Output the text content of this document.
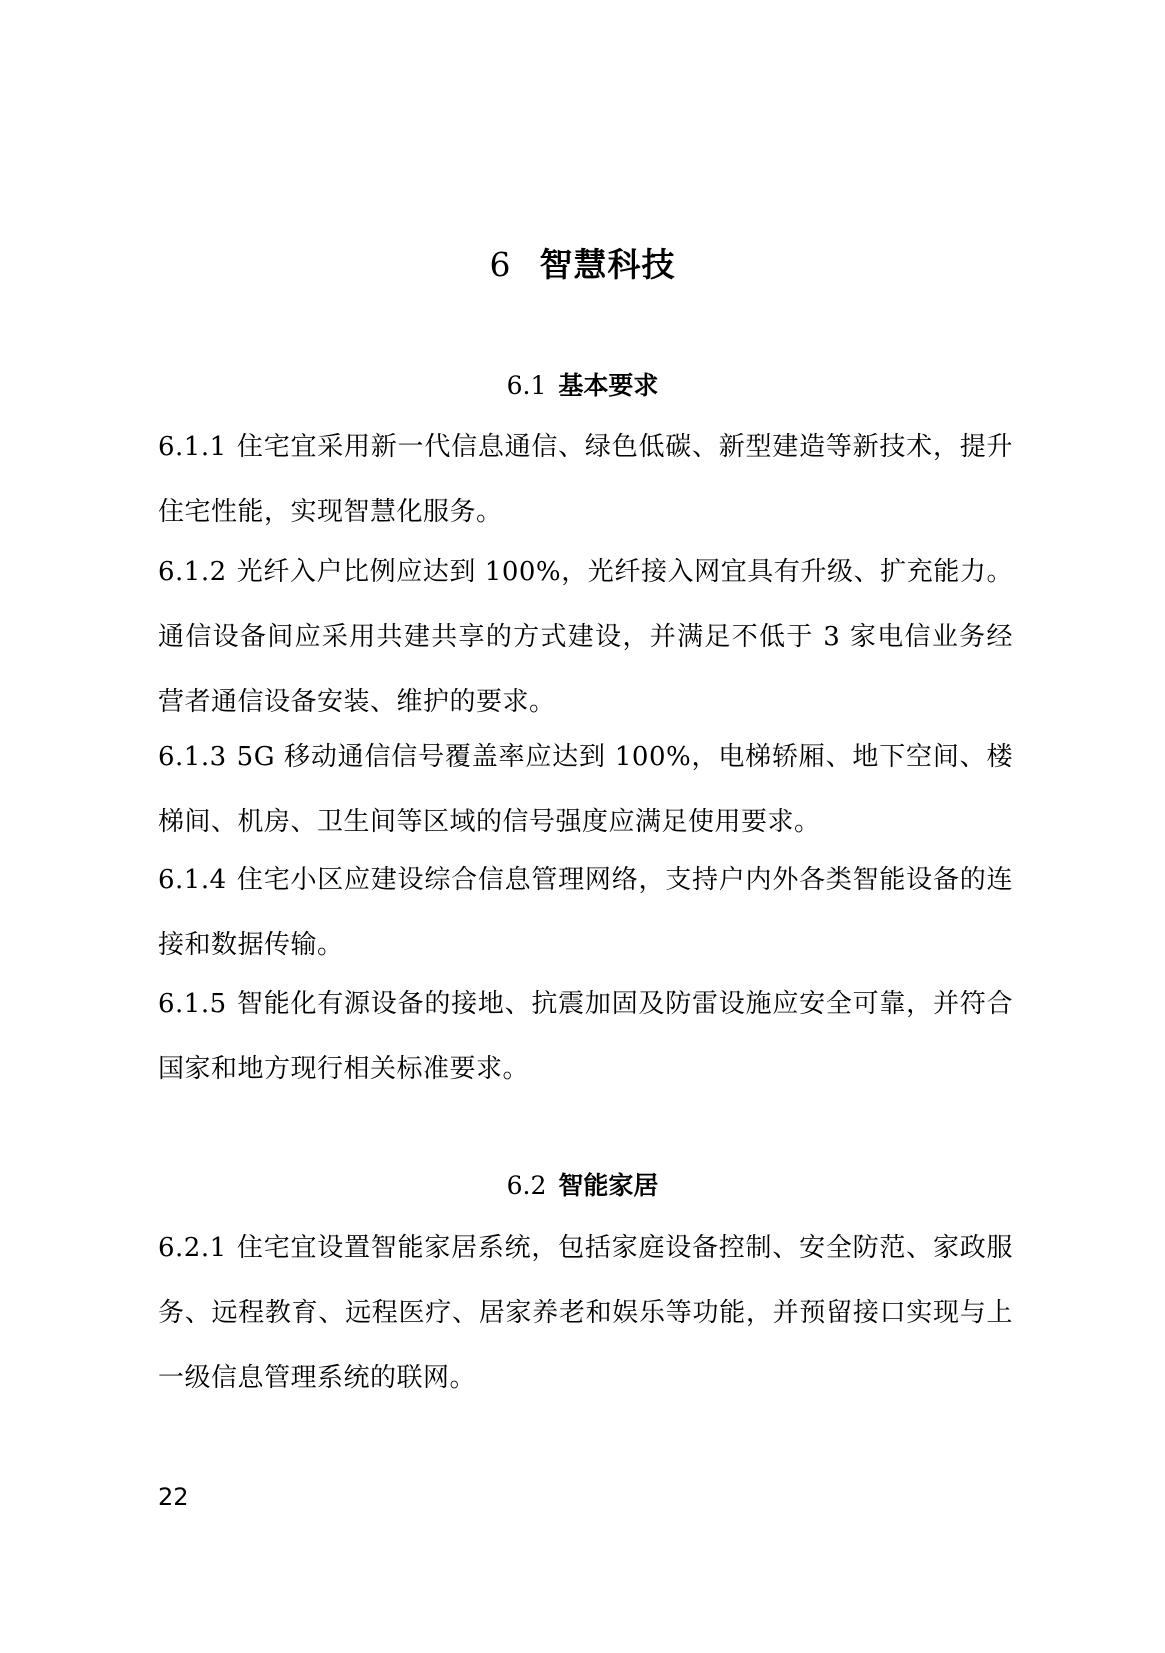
6 智慧科技
6.1 基本要求
6.1.1 住宅宜采用新一代信息通信、绿色低碳、新型建造等新技术，提升住宅性能，实现智慧化服务。
6.1.2 光纤入户比例应达到 100%，光纤接入网宜具有升级、扩充能力。通信设备间应采用共建共享的方式建设，并满足不低于 3 家电信业务经营者通信设备安装、维护的要求。
6.1.3 5G 移动通信信号覆盖率应达到 100%，电梯轿厢、地下空间、楼梯间、机房、卫生间等区域的信号强度应满足使用要求。
6.1.4 住宅小区应建设综合信息管理网络，支持户内外各类智能设备的连接和数据传输。
6.1.5 智能化有源设备的接地、抗震加固及防雷设施应安全可靠，并符合国家和地方现行相关标准要求。
6.2 智能家居
6.2.1 住宅宜设置智能家居系统，包括家庭设备控制、安全防范、家政服务、远程教育、远程医疗、居家养老和娱乐等功能，并预留接口实现与上一级信息管理系统的联网。
22
